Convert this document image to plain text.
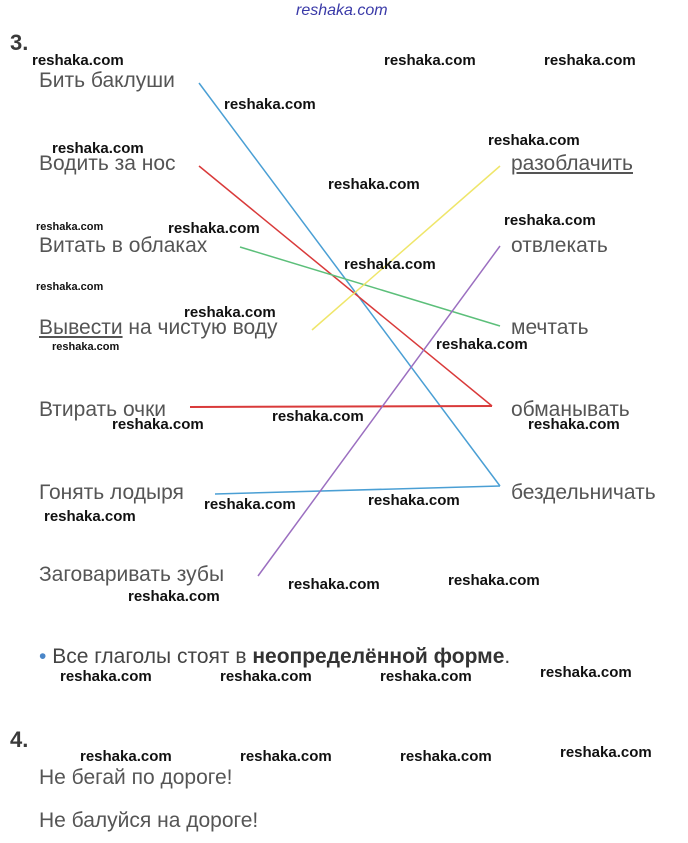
reshaka.com
3.
Бить баклуши
Водить за нос
Витать в облаках
Вывести на чистую воду
Втирать очки
Гонять лодыря
Заговаривать зубы
разоблачить
отвлекать
мечтать
обманывать
бездельничать
• Все глаголы стоят в неопределённой форме.
4.
Не бегай по дороге!
Не балуйся на дороге!
reshaka.com	reshaka.com	reshaka.com
reshaka.com
reshaka.com
reshaka.com
reshaka.com
reshaka.com
reshaka.com	reshaka.com
reshaka.com
reshaka.com
reshaka.com
reshaka.com	reshaka.com
reshaka.com
reshaka.com	reshaka.com
reshaka.com
reshaka.com
reshaka.com
reshaka.com
reshaka.com
reshaka.com
reshaka.com
reshaka.com	reshaka.com	reshaka.com
reshaka.com
reshaka.com	reshaka.com	reshaka.com
